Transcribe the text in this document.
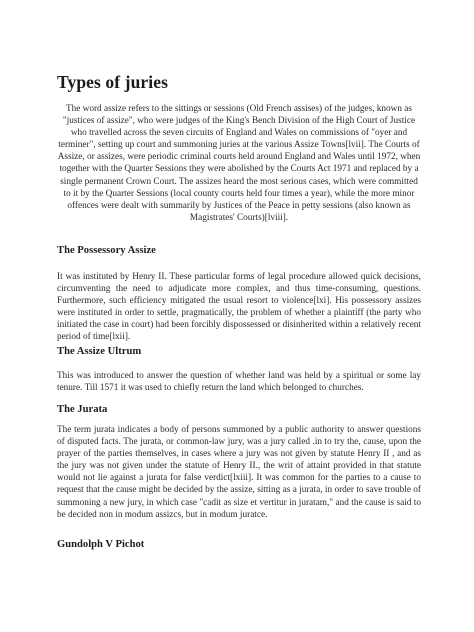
Types of juries

The word assize refers to the sittings or sessions (Old French assises) of the judges, known as "justices of assize", who were judges of the King's Bench Division of the High Court of Justice who travelled across the seven circuits of England and Wales on commissions of "oyer and terminer", setting up court and summoning juries at the various Assize Towns[lvii]. The Courts of Assize, or assizes, were periodic criminal courts held around England and Wales until 1972, when together with the Quarter Sessions they were abolished by the Courts Act 1971 and replaced by a single permanent Crown Court. The assizes heard the most serious cases, which were committed to it by the Quarter Sessions (local county courts held four times a year), while the more minor offences were dealt with summarily by Justices of the Peace in petty sessions (also known as Magistrates' Courts)[lviii].

The Possessory Assize

It was instituted by Henry II. These particular forms of legal procedure allowed quick decisions, circumventing the need to adjudicate more complex, and thus time-consuming, questions. Furthermore, such efficiency mitigated the usual resort to violence[lxi]. His possessory assizes were instituted in order to settle, pragmatically, the problem of whether a plaintiff (the party who initiated the case in court) had been forcibly dispossessed or disinherited within a relatively recent period of time[lxii].

The Assize Ultrum

This was introduced to answer the question of whether land was held by a spiritual or some lay tenure. Till 1571 it was used to chiefly return the land which belonged to churches.

The Jurata

The term jurata indicates a body of persons summoned by a public authority to answer questions of disputed facts. The jurata, or common-law jury, was a jury called .in to try the, cause, upon the prayer of the parties themselves, in cases where a jury was not given by statute Henry II , and as the jury was not given under the statute of Henry II., the writ of attaint provided in that statute would not lie against a jurata for false verdict[lxiii]. It was common for the parties to a cause to request that the cause might be decided by the assize, sitting as a jurata, in order to save trouble of summoning a new jury, in which case "cadit as size et vertitur in juratam," and the cause is said to be decided non in modum assizcs, but in modum juratce.

Gundolph V Pichot
